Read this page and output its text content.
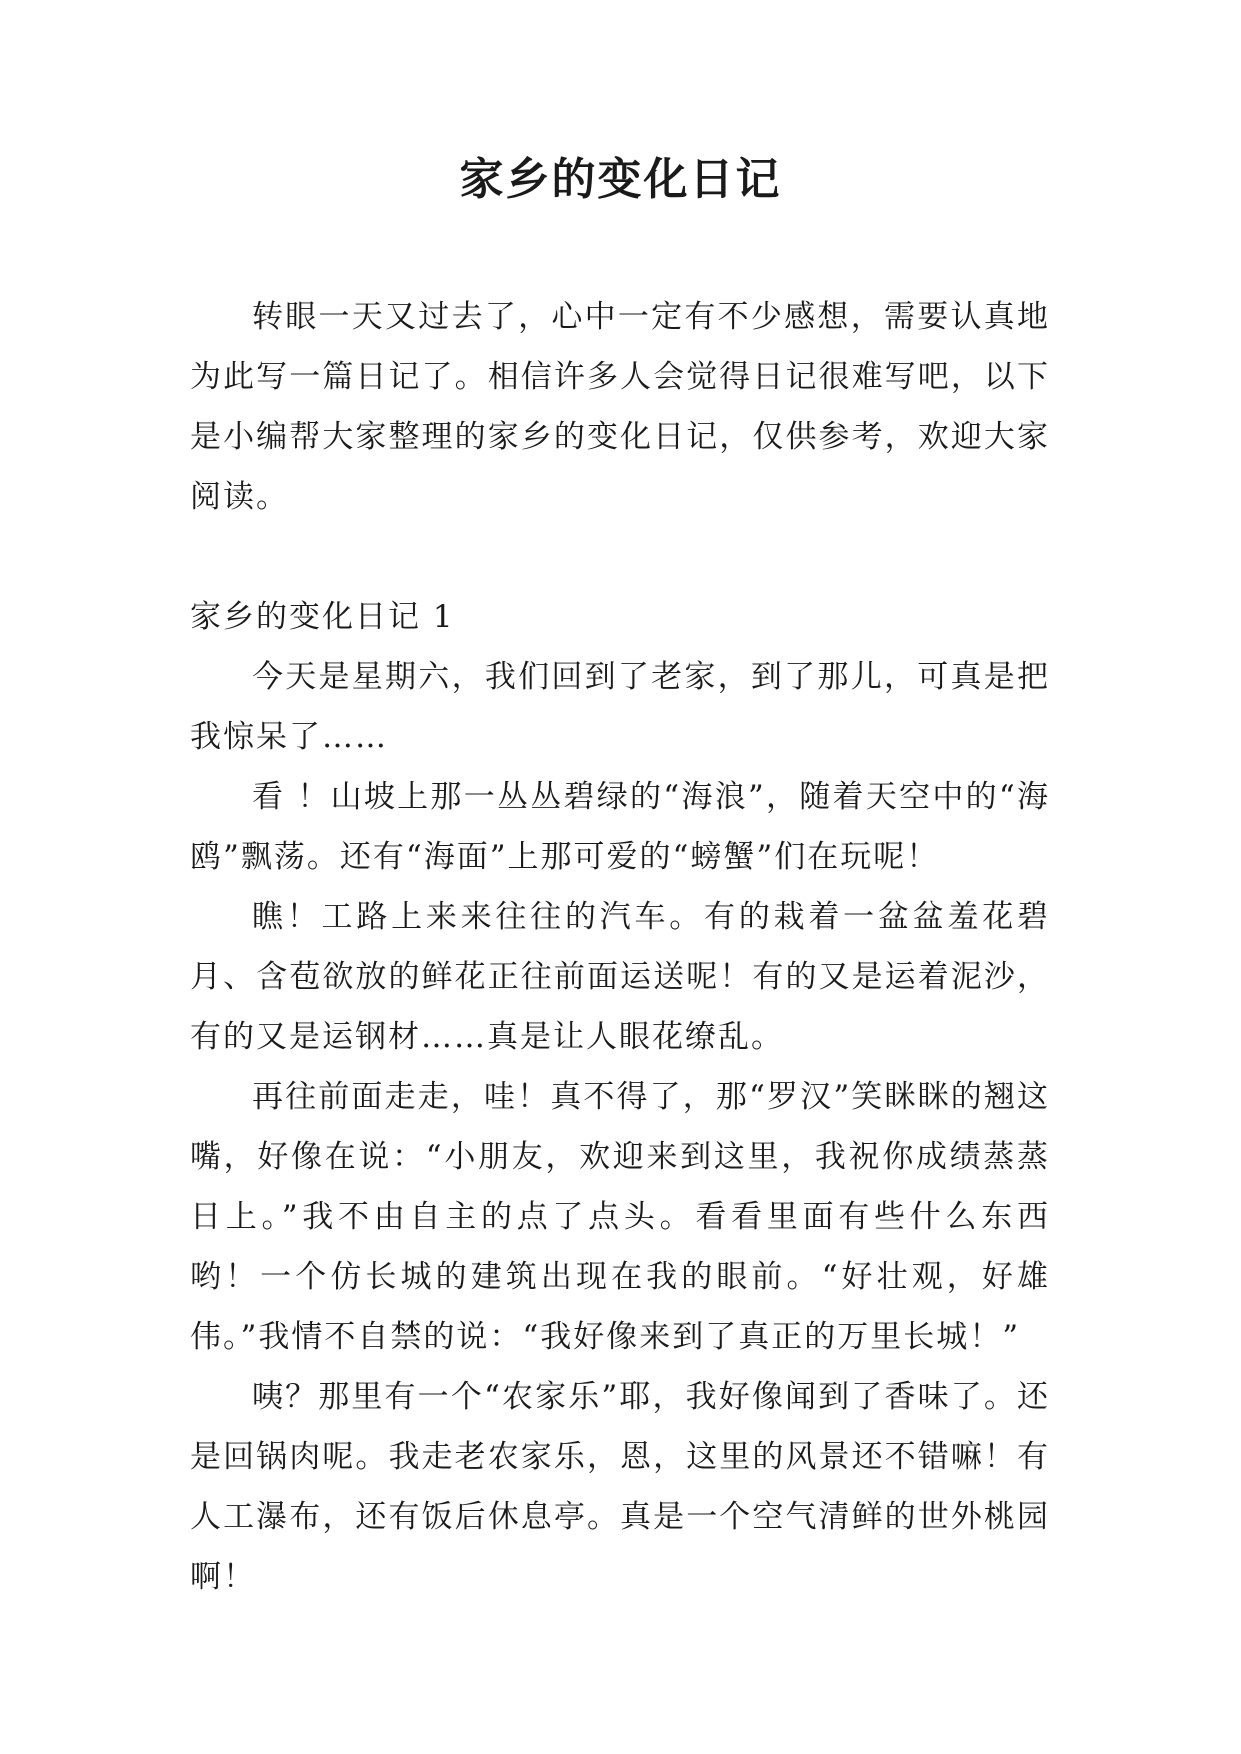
家乡的变化日记

转眼一天又过去了，心中一定有不少感想，需要认真地为此写一篇日记了。相信许多人会觉得日记很难写吧，以下是小编帮大家整理的家乡的变化日记，仅供参考，欢迎大家阅读。

家乡的变化日记 1

今天是星期六，我们回到了老家，到了那儿，可真是把我惊呆了……

看 ！山坡上那一丛丛碧绿的“海浪”，随着天空中的“海鸥”飘荡。还有“海面”上那可爱的“螃蟹”们在玩呢！

瞧！工路上来来往往的汽车。有的栽着一盆盆羞花碧月、含苞欲放的鲜花正往前面运送呢！有的又是运着泥沙，有的又是运钢材……真是让人眼花缭乱。

再往前面走走，哇！真不得了，那“罗汉”笑眯眯的翘这嘴，好像在说：“小朋友，欢迎来到这里，我祝你成绩蒸蒸日上。”我不由自主的点了点头。看看里面有些什么东西哟！一个仿长城的建筑出现在我的眼前。“好壮观，好雄伟。”我情不自禁的说：“我好像来到了真正的万里长城！”

咦？那里有一个“农家乐”耶，我好像闻到了香味了。还是回锅肉呢。我走老农家乐，恩，这里的风景还不错嘛！有人工瀑布，还有饭后休息亭。真是一个空气清鲜的世外桃园啊！
